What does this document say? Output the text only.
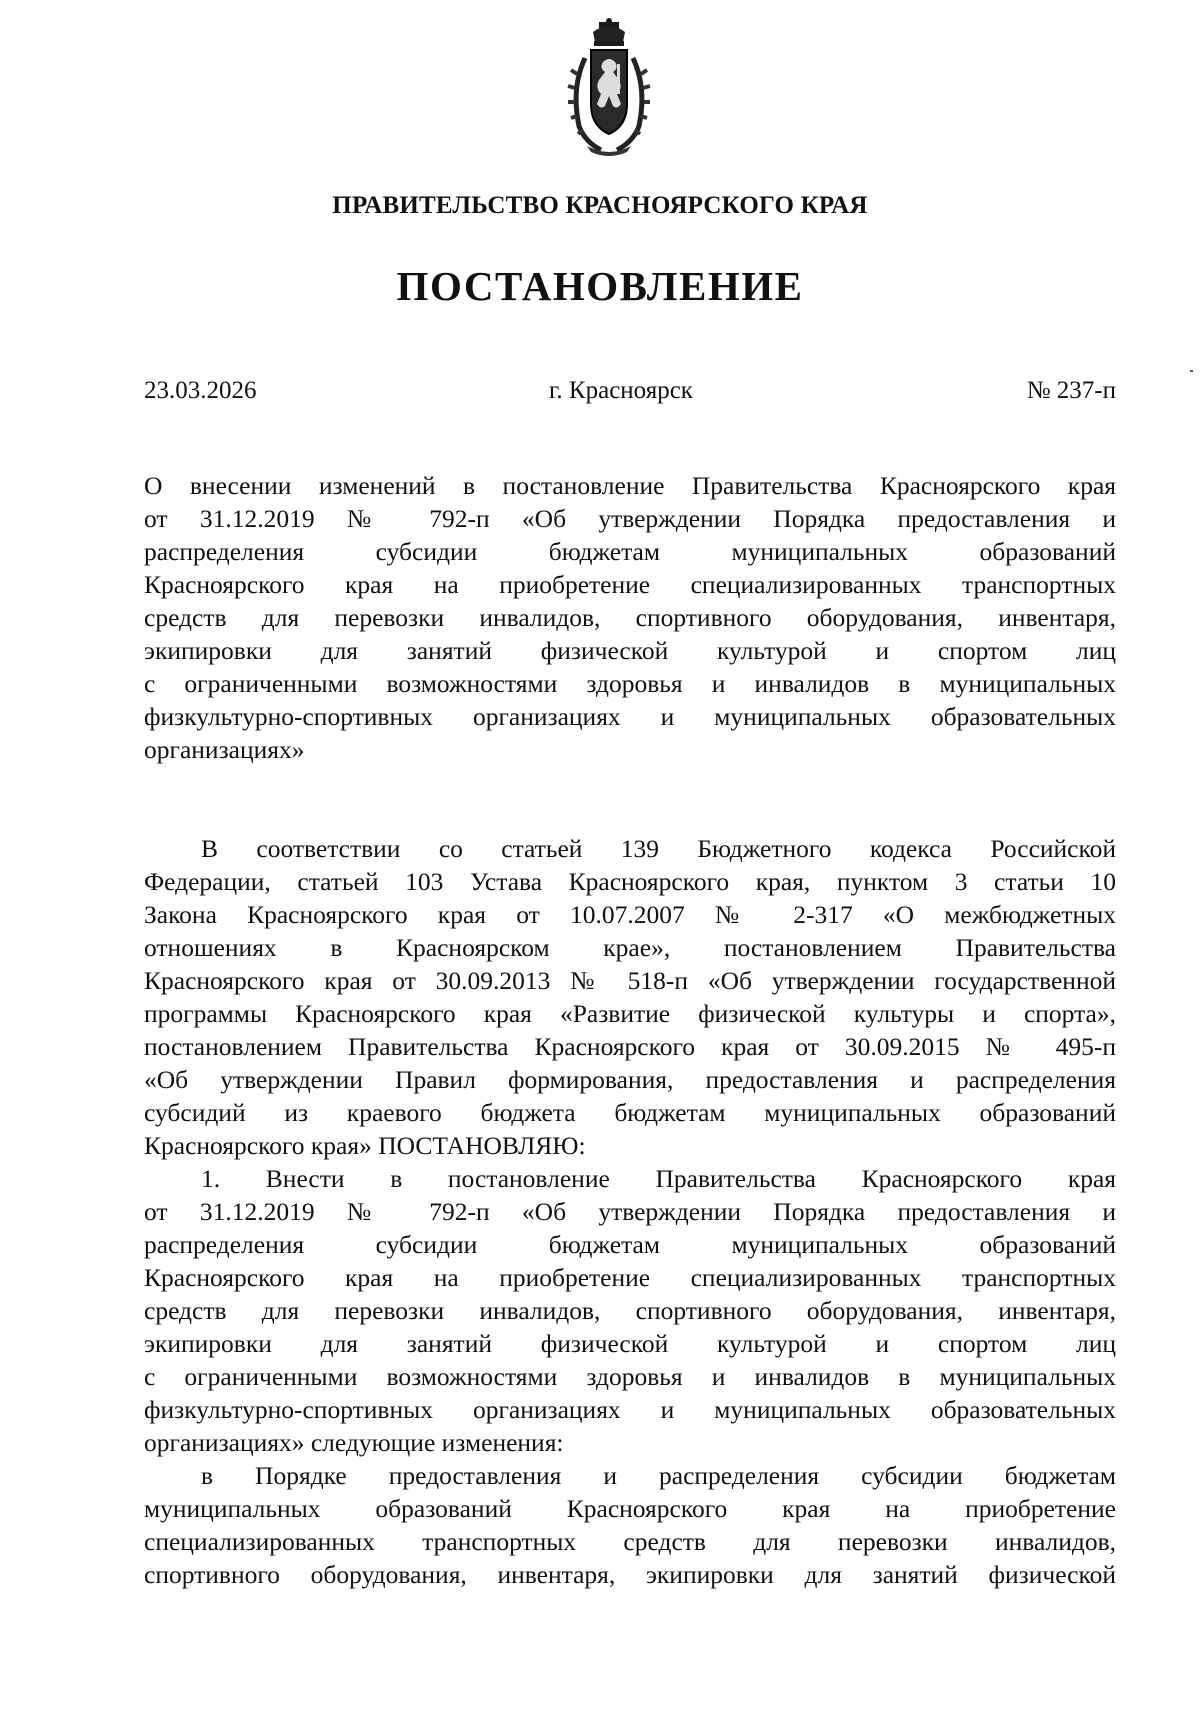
ПРАВИТЕЛЬСТВО КРАСНОЯРСКОГО КРАЯ
ПОСТАНОВЛЕНИЕ
23.03.2026	г. Красноярск	№ 237-п
О внесении изменений в постановление Правительства Красноярского края
от 31.12.2019 № 792-п «Об утверждении Порядка предоставления и
распределения субсидии бюджетам муниципальных образований
Красноярского края на приобретение специализированных транспортных
средств для перевозки инвалидов, спортивного оборудования, инвентаря,
экипировки для занятий физической культурой и спортом лиц
с ограниченными возможностями здоровья и инвалидов в муниципальных
физкультурно-спортивных организациях и муниципальных образовательных
организациях»
В соответствии со статьей 139 Бюджетного кодекса Российской
Федерации, статьей 103 Устава Красноярского края, пунктом 3 статьи 10
Закона Красноярского края от 10.07.2007 № 2-317 «О межбюджетных
отношениях в Красноярском крае», постановлением Правительства
Красноярского края от 30.09.2013 № 518-п «Об утверждении государственной
программы Красноярского края «Развитие физической культуры и спорта»,
постановлением Правительства Красноярского края от 30.09.2015 № 495-п
«Об утверждении Правил формирования, предоставления и распределения
субсидий из краевого бюджета бюджетам муниципальных образований
Красноярского края» ПОСТАНОВЛЯЮ:
1. Внести в постановление Правительства Красноярского края
от 31.12.2019 № 792-п «Об утверждении Порядка предоставления и
распределения субсидии бюджетам муниципальных образований
Красноярского края на приобретение специализированных транспортных
средств для перевозки инвалидов, спортивного оборудования, инвентаря,
экипировки для занятий физической культурой и спортом лиц
с ограниченными возможностями здоровья и инвалидов в муниципальных
физкультурно-спортивных организациях и муниципальных образовательных
организациях» следующие изменения:
в Порядке предоставления и распределения субсидии бюджетам
муниципальных образований Красноярского края на приобретение
специализированных транспортных средств для перевозки инвалидов,
спортивного оборудования, инвентаря, экипировки для занятий физической
